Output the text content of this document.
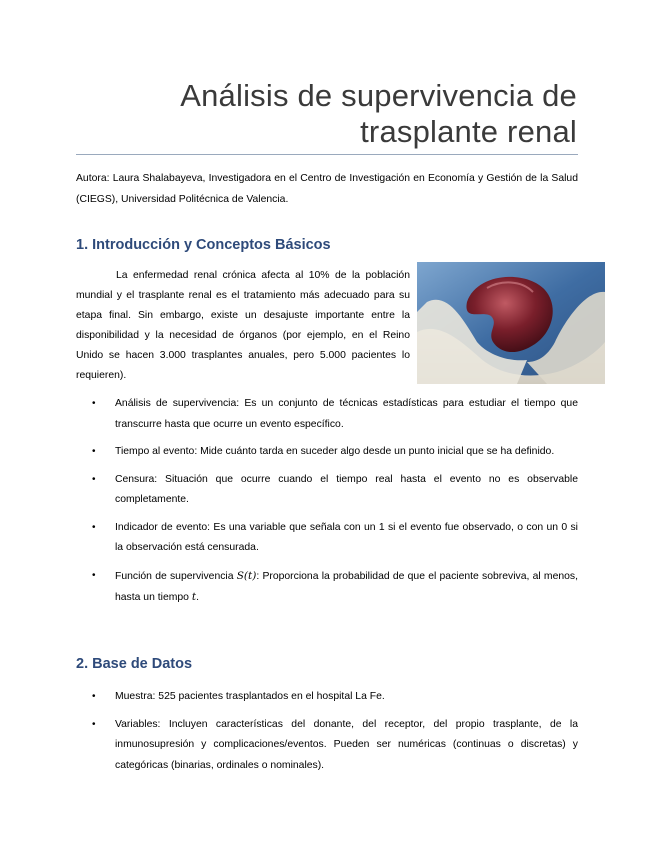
Análisis de supervivencia de
trasplante renal
Autora: Laura Shalabayeva, Investigadora en el Centro de Investigación en Economía y Gestión de la Salud (CIEGS), Universidad Politécnica de Valencia.
1. Introducción y Conceptos Básicos
La enfermedad renal crónica afecta al 10% de la población mundial y el trasplante renal es el tratamiento más adecuado para su etapa final. Sin embargo, existe un desajuste importante entre la disponibilidad y la necesidad de órganos (por ejemplo, en el Reino Unido se hacen 3.000 trasplantes anuales, pero 5.000 pacientes lo requieren).
•	Análisis de supervivencia: Es un conjunto de técnicas estadísticas para estudiar el tiempo que transcurre hasta que ocurre un evento específico.
•	Tiempo al evento: Mide cuánto tarda en suceder algo desde un punto inicial que se ha definido.
•	Censura: Situación que ocurre cuando el tiempo real hasta el evento no es observable completamente.
•	Indicador de evento: Es una variable que señala con un 1 si el evento fue observado, o con un 0 si la observación está censurada.
•	Función de supervivencia S(t): Proporciona la probabilidad de que el paciente sobreviva, al menos, hasta un tiempo t.
2. Base de Datos
•	Muestra: 525 pacientes trasplantados en el hospital La Fe.
•	Variables: Incluyen características del donante, del receptor, del propio trasplante, de la inmunosupresión y complicaciones/eventos. Pueden ser numéricas (continuas o discretas) y categóricas (binarias, ordinales o nominales).
